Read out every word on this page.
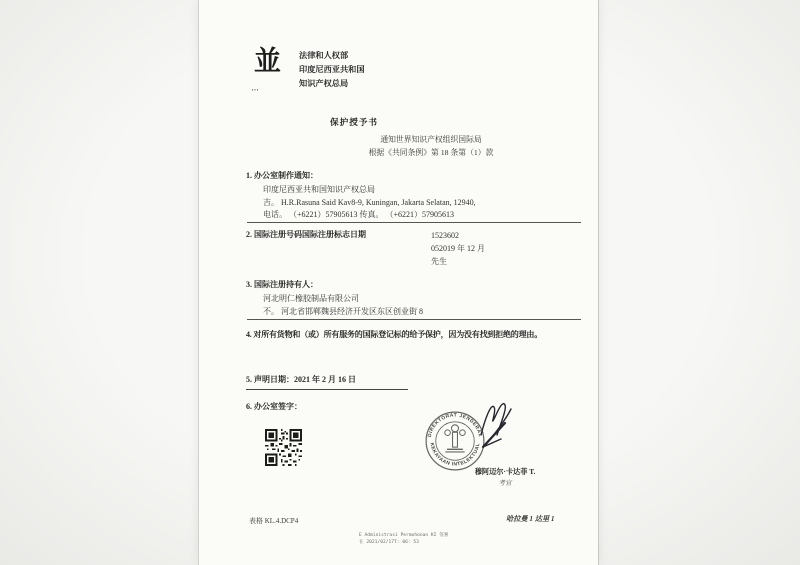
並
▪▪▪
法律和人权部
印度尼西亚共和国
知识产权总局
保护授予书
通知世界知识产权组织国际局
根据《共同条例》第 18 条第（1）款
1. 办公室制作通知：
印度尼西亚共和国知识产权总局
吉。 H.R.Rasuna Said Kav8-9, Kuningan, Jakarta Selatan, 12940,
电话。 （+6221）57905613 传真。 （+6221）57905613
2. 国际注册号码国际注册标志日期	1523602
052019 年 12 月
先生
3. 国际注册持有人：
河北明仁橡胶制品有限公司
不。 河北省邯郸魏县经济开发区东区创业街 8
4. 对所有货物和（或）所有服务的国际登记标的给予保护，因为没有找到拒绝的理由。
5. 声明日期：2021 年 2 月 16 日
6. 办公室签字：
DIREKTORAT JENDERAL
KEKAYAAN INTELEKTUAL
穆阿迈尔·卡达菲 T.
考官
表格 KL.4.DCP4	哈拉曼 1 达里 1
E Administrasi Permohonan KI 签署
在 2021/02/17T: 06: 53
